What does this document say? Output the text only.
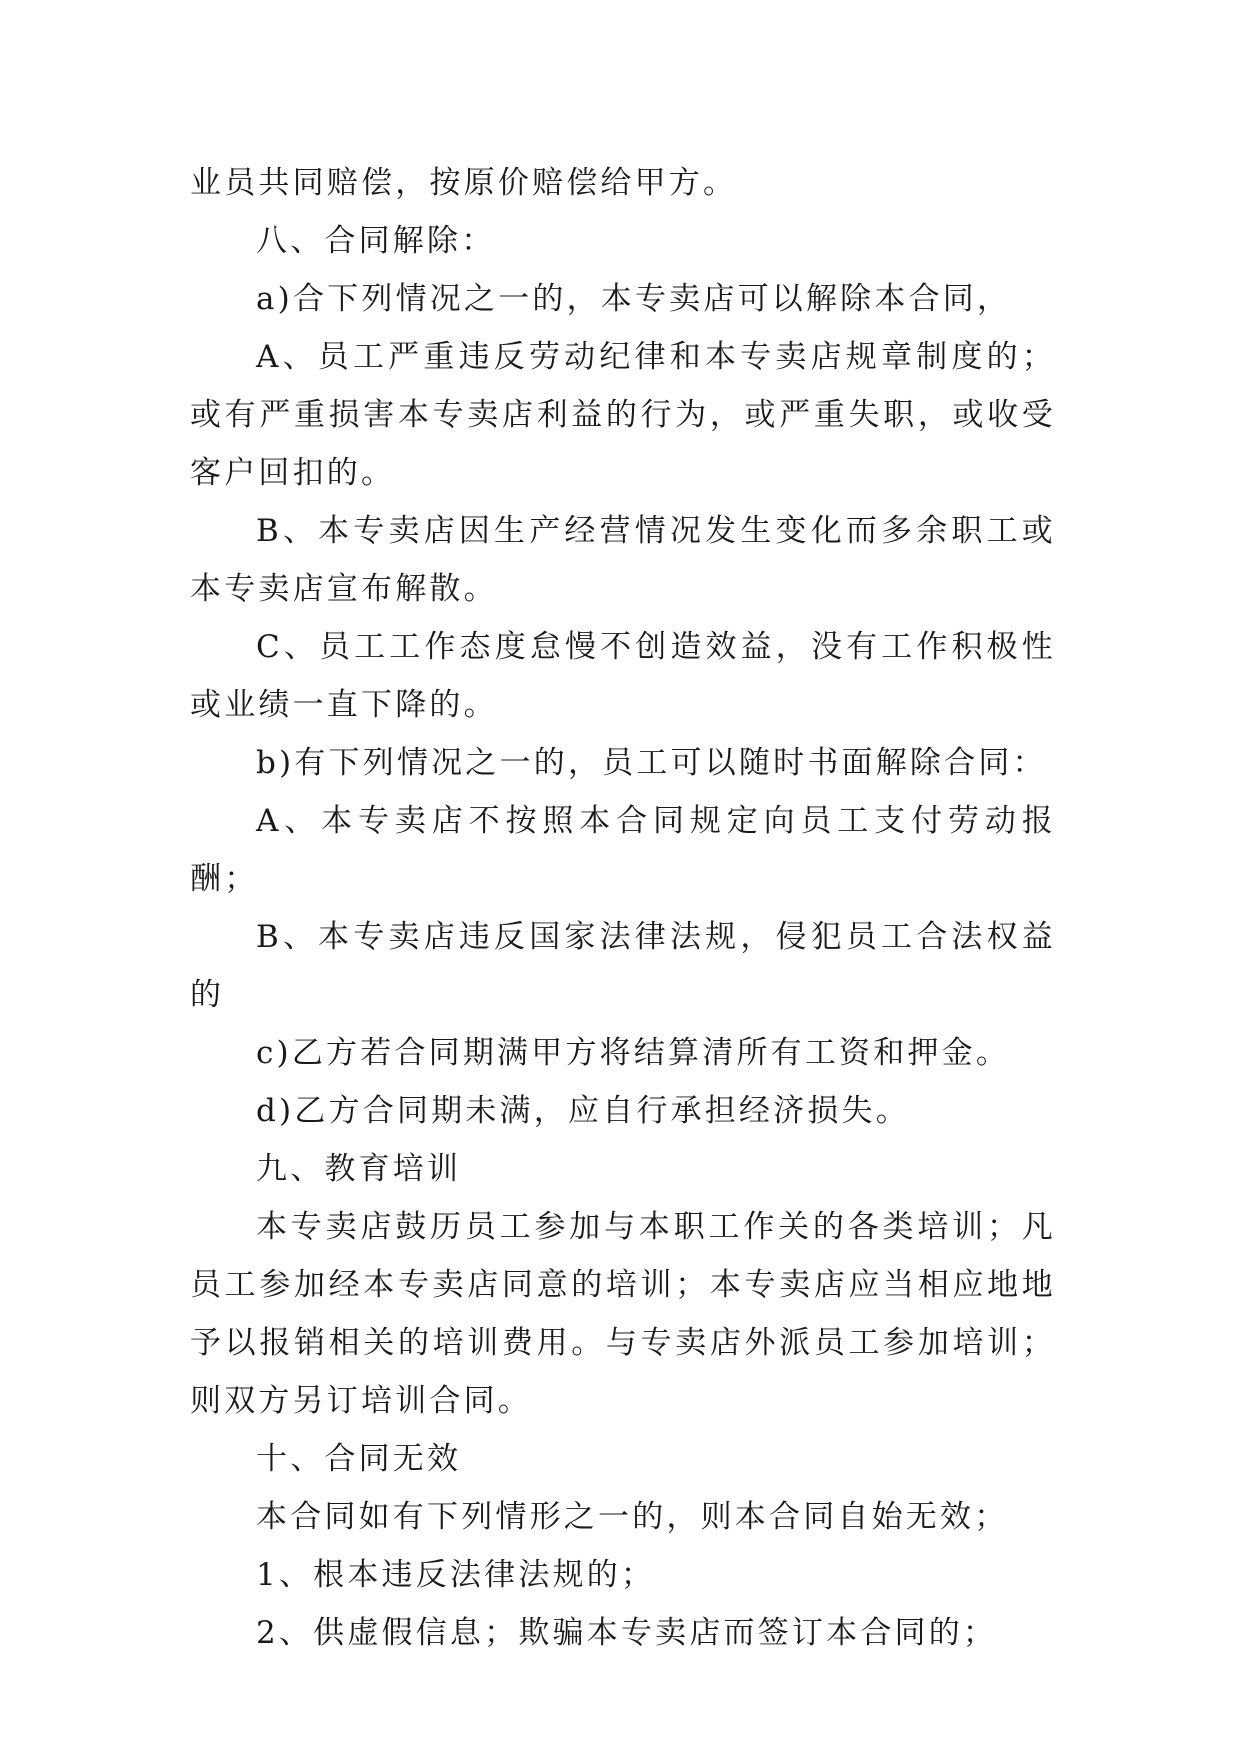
业员共同赔偿，按原价赔偿给甲方。

八、合同解除：

a)合下列情况之一的，本专卖店可以解除本合同，

A、员工严重违反劳动纪律和本专卖店规章制度的；或有严重损害本专卖店利益的行为，或严重失职，或收受客户回扣的。

B、本专卖店因生产经营情况发生变化而多余职工或本专卖店宣布解散。

C、员工工作态度怠慢不创造效益，没有工作积极性或业绩一直下降的。

b)有下列情况之一的，员工可以随时书面解除合同：

A、本专卖店不按照本合同规定向员工支付劳动报酬；

B、本专卖店违反国家法律法规，侵犯员工合法权益的

c)乙方若合同期满甲方将结算清所有工资和押金。

d)乙方合同期未满，应自行承担经济损失。

九、教育培训

本专卖店鼓历员工参加与本职工作关的各类培训；凡员工参加经本专卖店同意的培训；本专卖店应当相应地地予以报销相关的培训费用。与专卖店外派员工参加培训；则双方另订培训合同。

十、合同无效

本合同如有下列情形之一的，则本合同自始无效；

1、根本违反法律法规的；

2、供虚假信息；欺骗本专卖店而签订本合同的；
